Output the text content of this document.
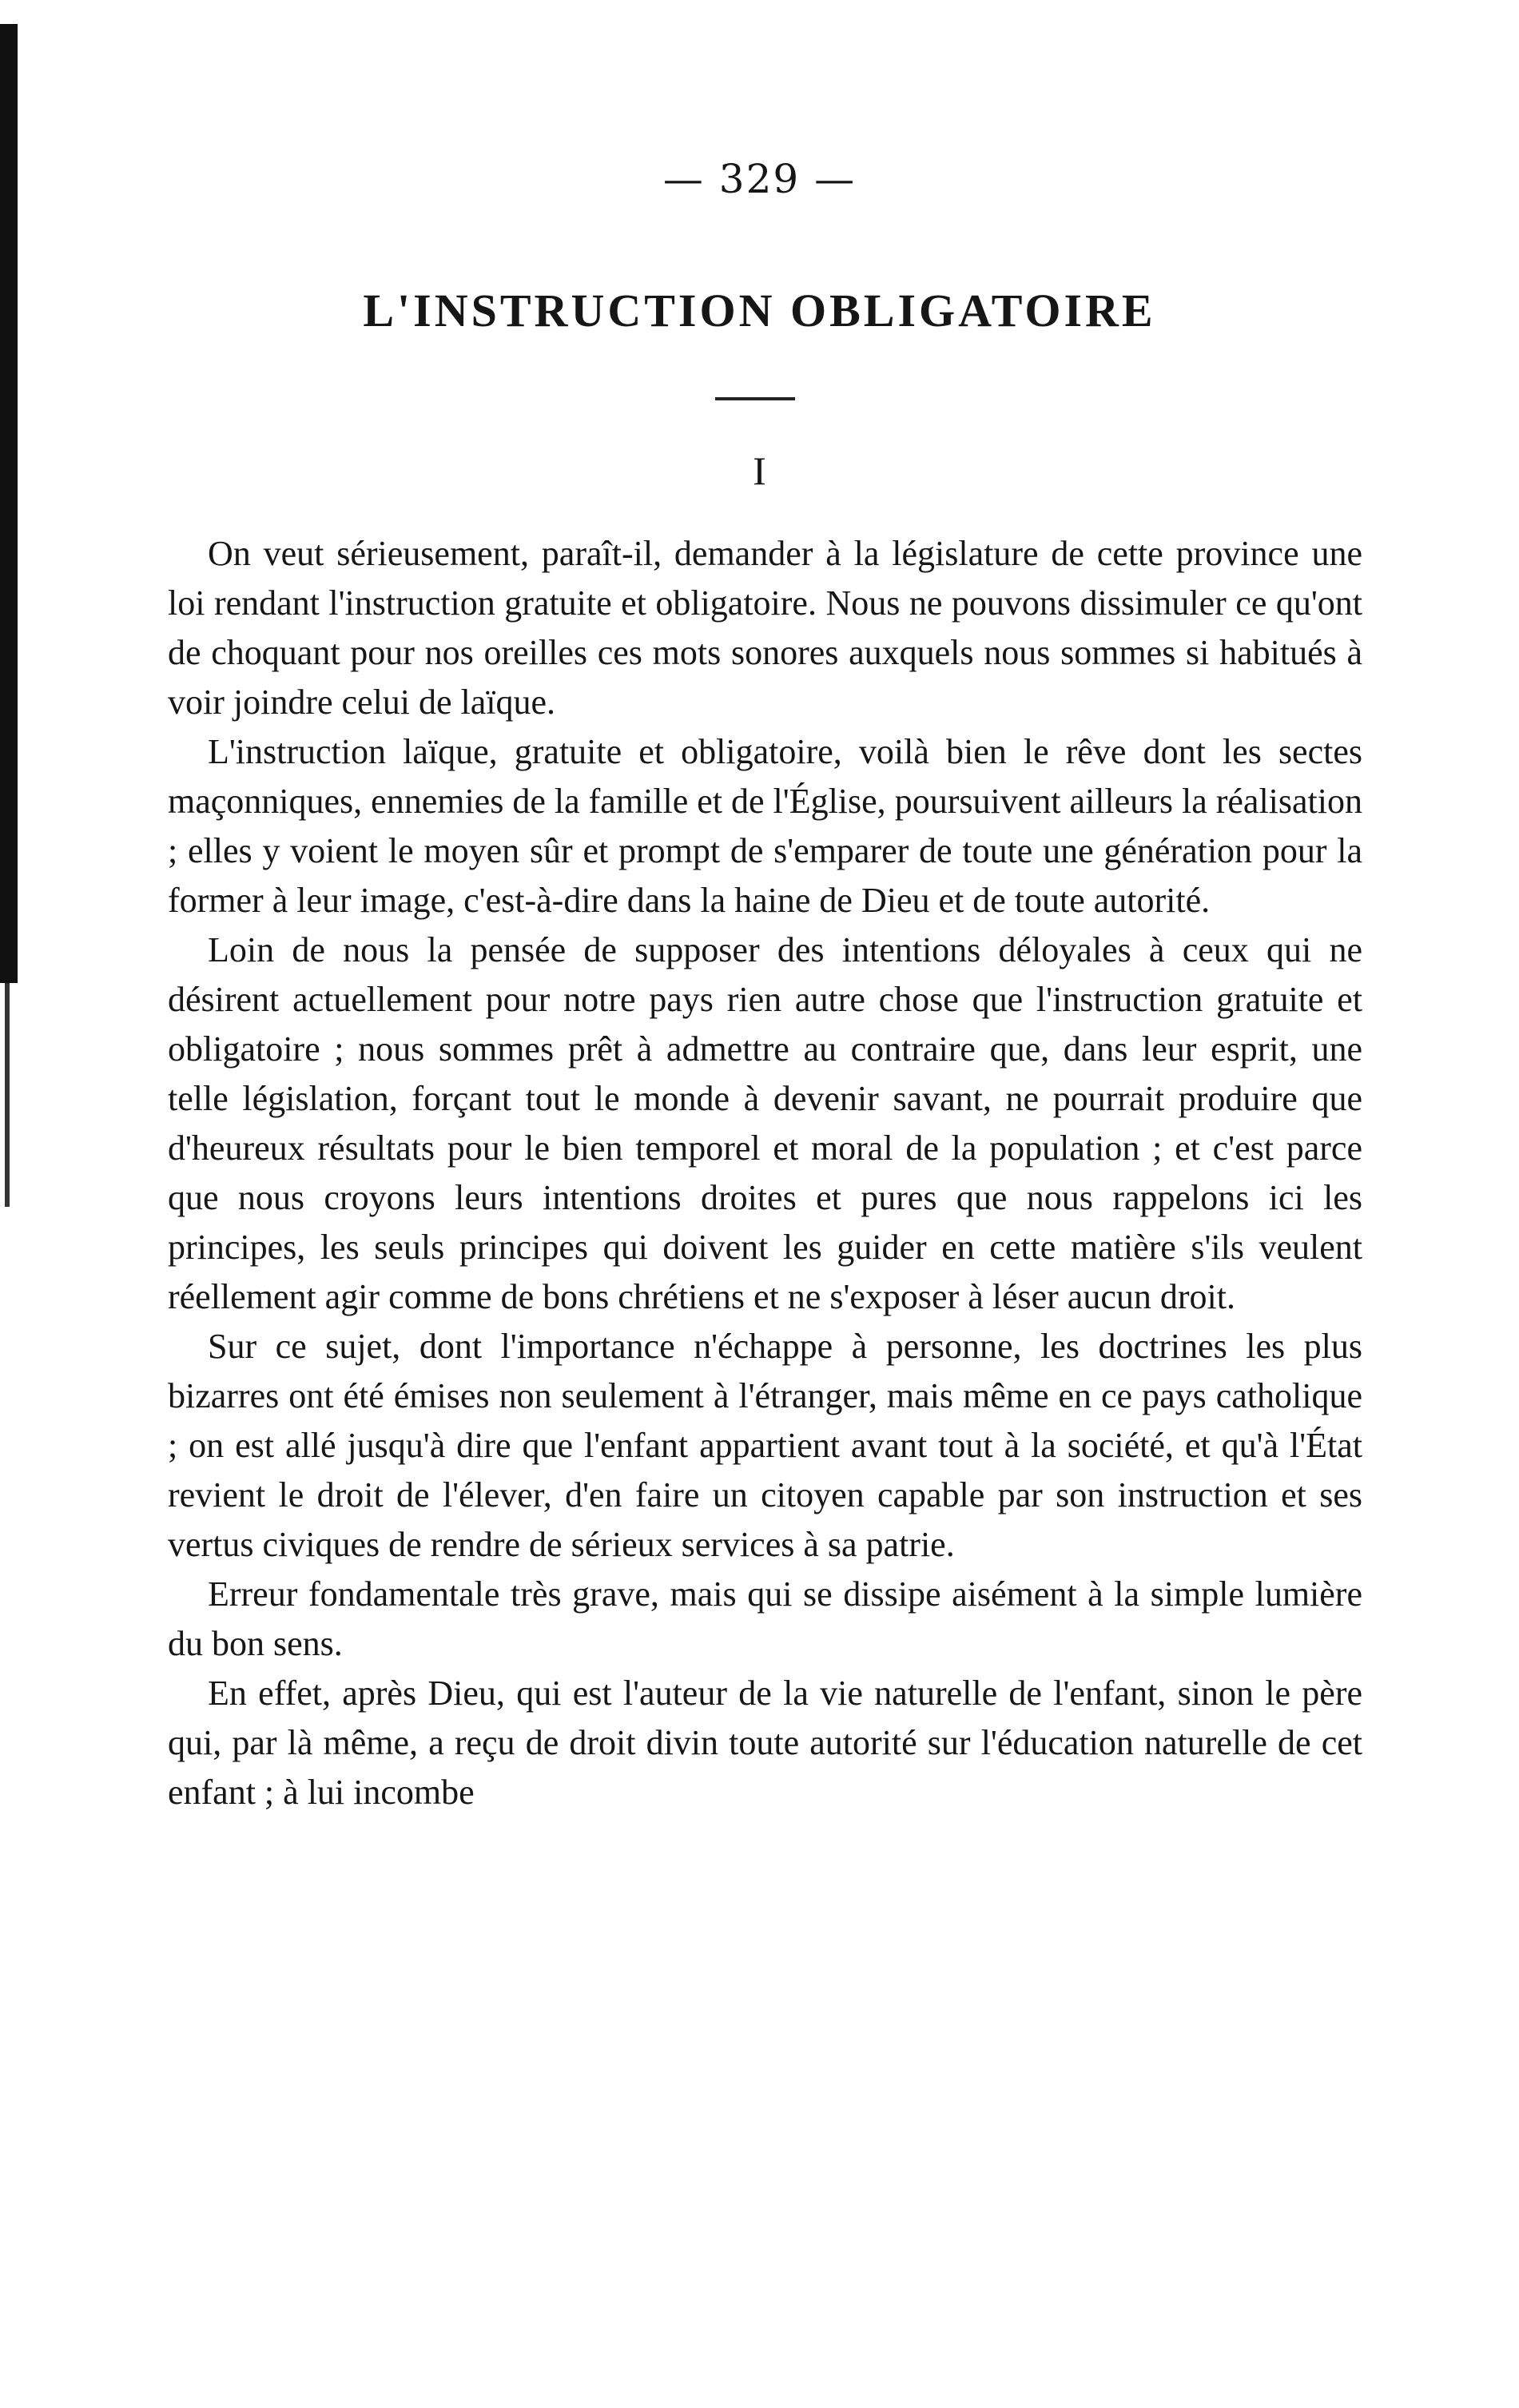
— 329 —
L'INSTRUCTION OBLIGATOIRE
I

On veut sérieusement, paraît-il, demander à la législature de cette province une loi rendant l'instruction gratuite et obligatoire. Nous ne pouvons dissimuler ce qu'ont de choquant pour nos oreilles ces mots sonores auxquels nous sommes si habitués à voir joindre celui de laïque.

L'instruction laïque, gratuite et obligatoire, voilà bien le rêve dont les sectes maçonniques, ennemies de la famille et de l'Église, poursuivent ailleurs la réalisation ; elles y voient le moyen sûr et prompt de s'emparer de toute une génération pour la former à leur image, c'est-à-dire dans la haine de Dieu et de toute autorité.

Loin de nous la pensée de supposer des intentions déloyales à ceux qui ne désirent actuellement pour notre pays rien autre chose que l'instruction gratuite et obligatoire ; nous sommes prêt à admettre au contraire que, dans leur esprit, une telle législation, forçant tout le monde à devenir savant, ne pourrait produire que d'heureux résultats pour le bien temporel et moral de la population ; et c'est parce que nous croyons leurs intentions droites et pures que nous rappelons ici les principes, les seuls principes qui doivent les guider en cette matière s'ils veulent réellement agir comme de bons chrétiens et ne s'exposer à léser aucun droit.

Sur ce sujet, dont l'importance n'échappe à personne, les doctrines les plus bizarres ont été émises non seulement à l'étranger, mais même en ce pays catholique ; on est allé jusqu'à dire que l'enfant appartient avant tout à la société, et qu'à l'État revient le droit de l'élever, d'en faire un citoyen capable par son instruction et ses vertus civiques de rendre de sérieux services à sa patrie.

Erreur fondamentale très grave, mais qui se dissipe aisément à la simple lumière du bon sens.

En effet, après Dieu, qui est l'auteur de la vie naturelle de l'enfant, sinon le père qui, par là même, a reçu de droit divin toute autorité sur l'éducation naturelle de cet enfant ; à lui incombe
